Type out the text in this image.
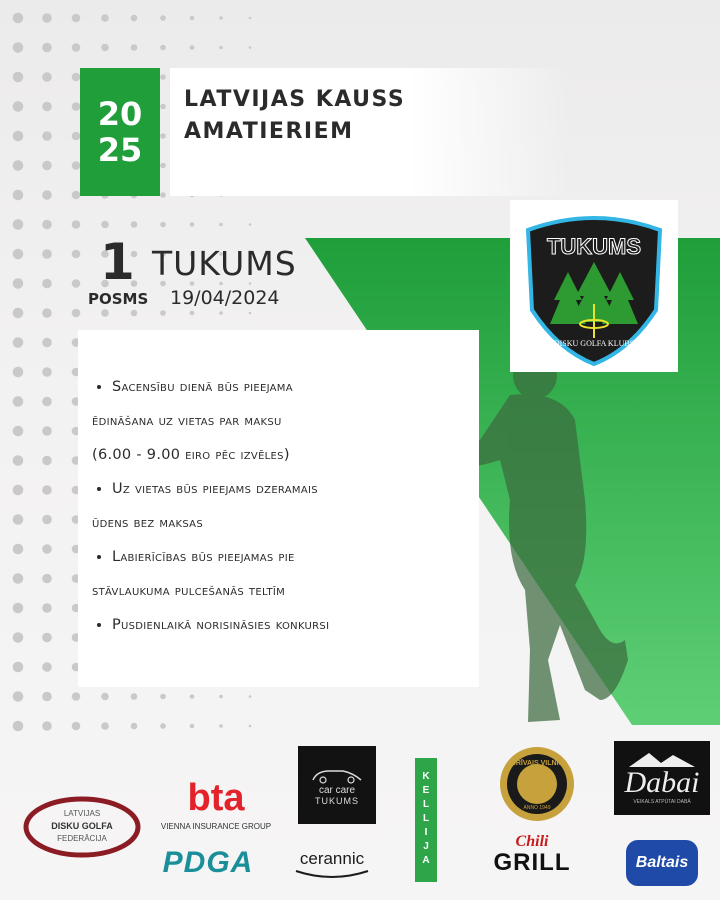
20
25
LATVIJAS KAUSS
AMATIERIEM
1
POSMS
TUKUMS
19/04/2024
• Sacensību dienā būs pieejama
ēdināšana uz vietas par maksu
(6.00 - 9.00 eiro pēc izvēles)
• Uz vietas būs pieejams dzeramais
ūdens bez maksas
• Labierīcības būs pieejamas pie
stāvlaukuma pulcešanās teltīm
• Pusdienlaikā norisināsies konkursi
TUKUMS
DISKU GOLFA KLUBS
LATVIJAS
DISKU GOLFA
FEDERĀCIJA
bta
VIENNA INSURANCE GROUP
PDGA
car care
TUKUMS
cerannic	KELLIJA
BRĪVAIS VILNIS
ANNO 1949
Chili
GRILL
Dabai
VEIKALS ATPŪTAI DABĀ
Baltais
